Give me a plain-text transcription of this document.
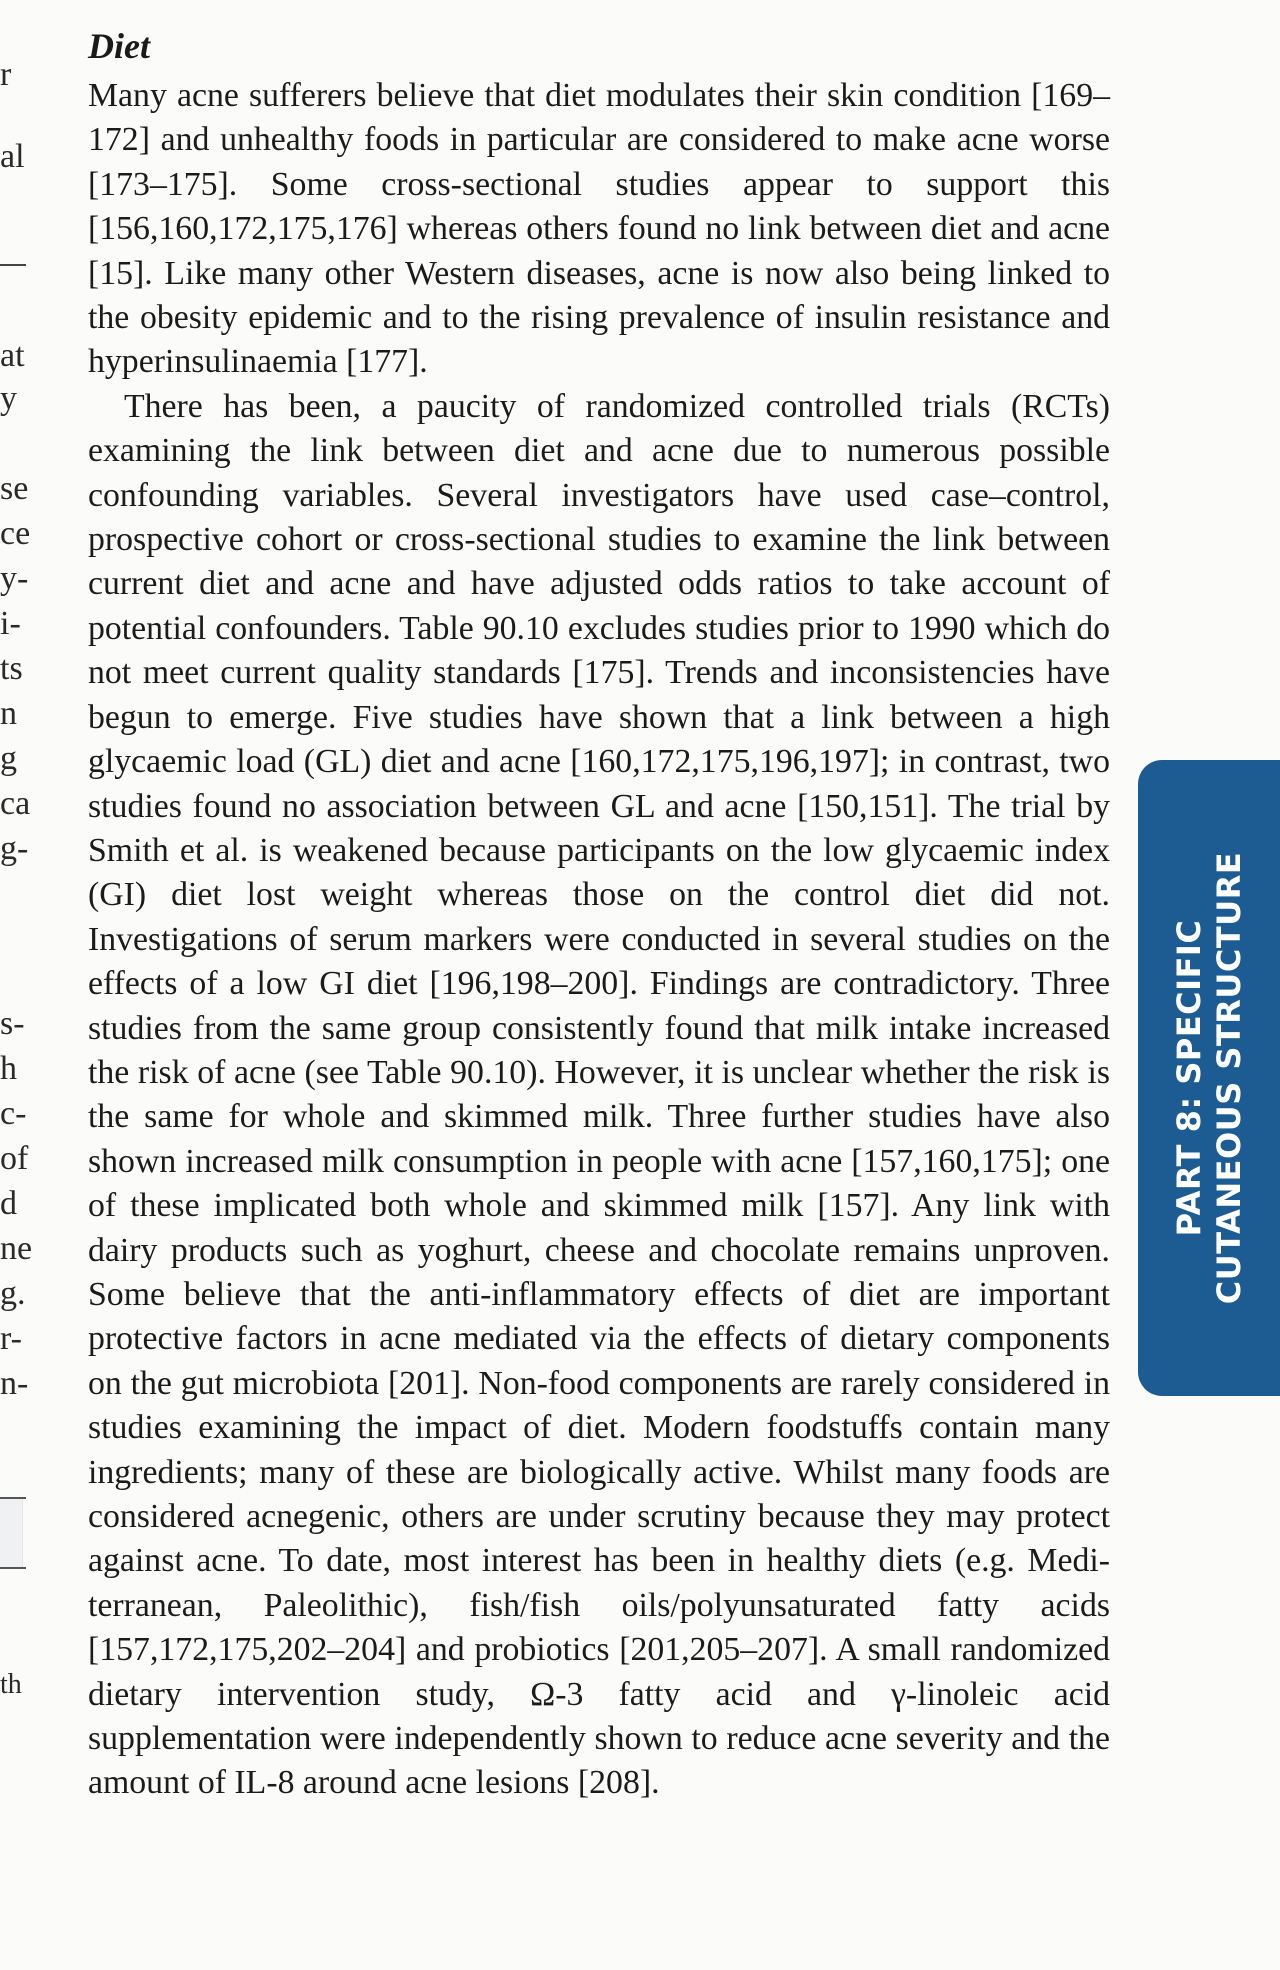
r
al
at
y
se
ce
y-
i-
ts
n
g
ca
g-
s-
h
c-
of
d
ne
g.
r-
n-
th
Diet

Many acne sufferers believe that diet modulates their skin condition [169–172] and unhealthy foods in particular are considered to make acne worse [173–175]. Some cross-sectional studies appear to support this [156,160,172,175,176] whereas others found no link between diet and acne [15]. Like many other Western diseases, acne is now also being linked to the obesity epidemic and to the rising prevalence of insulin resistance and hyperinsulinaemia [177].

There has been, a paucity of randomized controlled trials (RCTs) examining the link between diet and acne due to numerous possible confounding variables. Several investigators have used case–control, prospective cohort or cross-sectional studies to examine the link between current diet and acne and have adjusted odds ratios to take account of potential confounders. Table 90.10 excludes studies prior to 1990 which do not meet current quality standards [175]. Trends and inconsistencies have begun to emerge. Five studies have shown that a link between a high glycaemic load (GL) diet and acne [160,172,175,196,197]; in contrast, two studies found no association between GL and acne [150,151]. The trial by Smith et al. is weakened because participants on the low glycaemic index (GI) diet lost weight whereas those on the control diet did not. Investigations of serum markers were conducted in several studies on the effects of a low GI diet [196,198–200]. Findings are contradictory. Three studies from the same group consistently found that milk intake increased the risk of acne (see Table 90.10). However, it is unclear whether the risk is the same for whole and skimmed milk. Three further studies have also shown increased milk consumption in people with acne [157,160,175]; one of these implicated both whole and skimmed milk [157]. Any link with dairy products such as yoghurt, cheese and chocolate remains unproven. Some believe that the anti-inflammatory effects of diet are important protective factors in acne mediated via the effects of dietary components on the gut microbiota [201]. Non-food components are rarely considered in studies examining the impact of diet. Modern foodstuffs contain many ingredients; many of these are biologically active. Whilst many foods are considered acnegenic, others are under scrutiny because they may protect against acne. To date, most interest has been in healthy diets (e.g. Mediterranean, Paleolithic), fish/fish oils/polyunsaturated fatty acids [157,172,175,202–204] and probiotics [201,205–207]. A small randomized dietary intervention study, Ω-3 fatty acid and γ-linoleic acid supplementation were independently shown to reduce acne severity and the amount of IL-8 around acne lesions [208].

PART 8: SPECIFIC CUTANEOUS STRUCTURE
